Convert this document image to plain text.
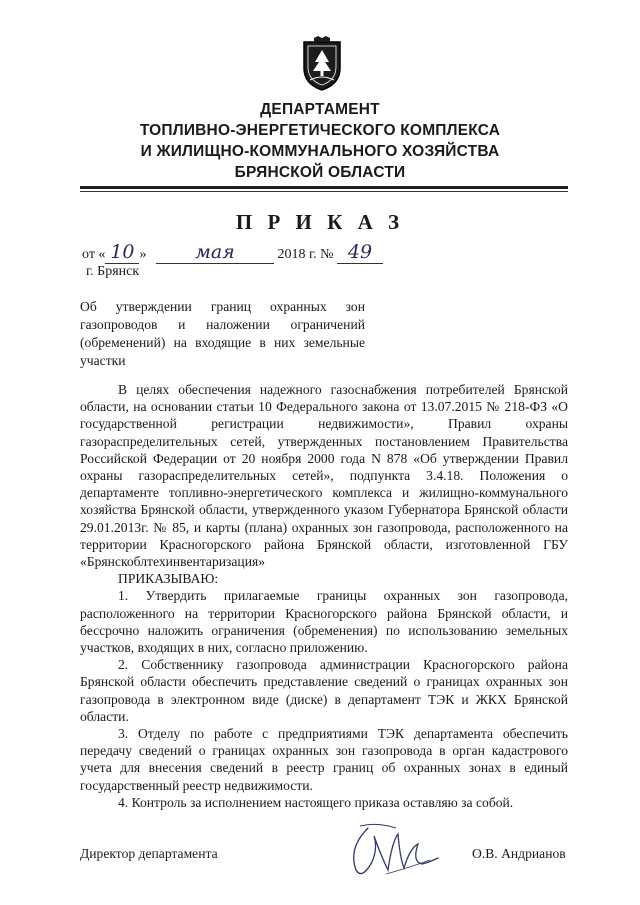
ДЕПАРТАМЕНТ
ТОПЛИВНО-ЭНЕРГЕТИЧЕСКОГО КОМПЛЕКСА
И ЖИЛИЩНО-КОММУНАЛЬНОГО ХОЗЯЙСТВА
БРЯНСКОЙ ОБЛАСТИ
П Р И К А З
от « 10 »	мая	2018 г. № 49
г. Брянск
Об утверждении границ охранных зон газопроводов и наложении ограничений (обременений) на входящие в них земельные участки

В целях обеспечения надежного газоснабжения потребителей Брянской области, на основании статьи 10 Федерального закона от 13.07.2015 № 218-ФЗ «О государственной регистрации недвижимости», Правил охраны газораспределительных сетей, утвержденных постановлением Правительства Российской Федерации от 20 ноября 2000 года N 878 «Об утверждении Правил охраны газораспределительных сетей», подпункта 3.4.18. Положения о департаменте топливно-энергетического комплекса и жилищно-коммунального хозяйства Брянской области, утвержденного указом Губернатора Брянской области 29.01.2013г. № 85, и карты (плана) охранных зон газопровода, расположенного на территории Красногорского района Брянской области, изготовленной ГБУ «Брянскоблтехинвентаризация»

ПРИКАЗЫВАЮ:

1. Утвердить прилагаемые границы охранных зон газопровода, расположенного на территории Красногорского района Брянской области, и бессрочно наложить ограничения (обременения) по использованию земельных участков, входящих в них, согласно приложению.

2. Собственнику газопровода администрации Красногорского района Брянской области обеспечить представление сведений о границах охранных зон газопровода в электронном виде (диске) в департамент ТЭК и ЖКХ Брянской области.

3. Отделу по работе с предприятиями ТЭК департамента обеспечить передачу сведений о границах охранных зон газопровода в орган кадастрового учета для внесения сведений в реестр границ об охранных зонах в единый государственный реестр недвижимости.

4. Контроль за исполнением настоящего приказа оставляю за собой.

Директор департамента	О.В. Андрианов
